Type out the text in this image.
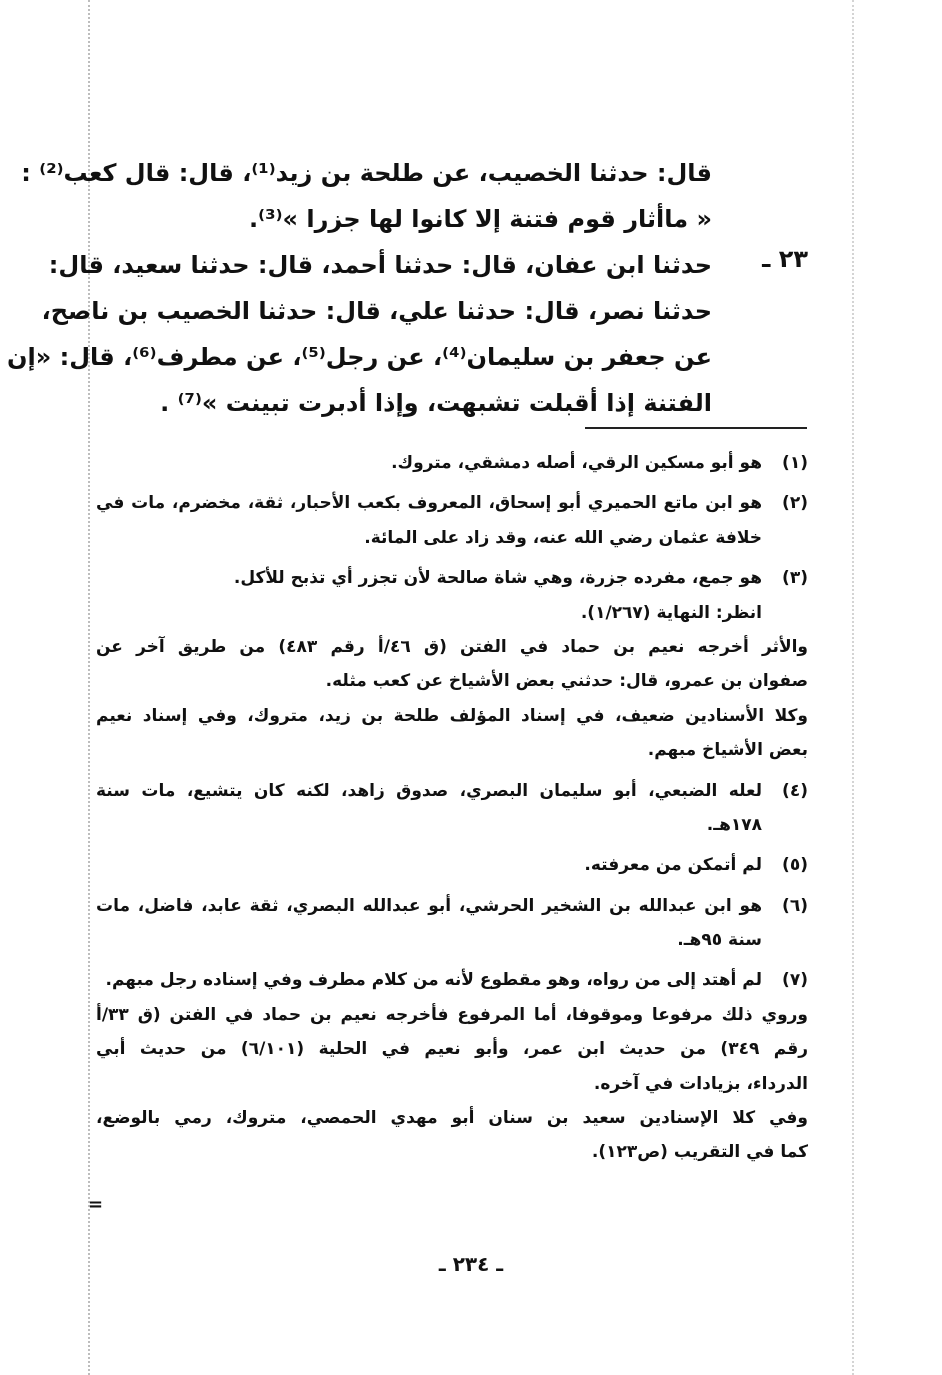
قال: حدثنا الخصيب، عن طلحة بن زيد⁽¹⁾، قال: قال كعب⁽²⁾ :
« ماأثار قوم فتنة إلا كانوا لها جزرا »⁽³⁾.
حدثنا ابن عفان، قال: حدثنا أحمد، قال: حدثنا سعيد، قال:
حدثنا نصر، قال: حدثنا علي، قال: حدثنا الخصيب بن ناصح،
عن جعفر بن سليمان⁽⁴⁾، عن رجل⁽⁵⁾، عن مطرف⁽⁶⁾، قال: «إن
الفتنة إذا أقبلت تشبهت، وإذا أدبرت تبينت »⁽⁷⁾ .
٢٣ ـ
(١)
هو أبو مسكين الرقي، أصله دمشقي، متروك.
(٢)
هو ابن ماتع الحميري أبو إسحاق، المعروف بكعب الأحبار، ثقة، مخضرم، مات في
خلافة عثمان رضي الله عنه، وقد زاد على المائة.
(٣)
هو جمع، مفرده جزرة، وهي شاة صالحة لأن تجزر أي تذبح للأكل.
انظر: النهاية (١/٢٦٧).
والأثر أخرجه نعيم بن حماد في الفتن (ق ٤٦/أ رقم ٤٨٣) من طريق آخر عن
صفوان بن عمرو، قال: حدثني بعض الأشياخ عن كعب مثله.
وكلا الأسنادين ضعيف، في إسناد المؤلف طلحة بن زيد، متروك، وفي إسناد نعيم
بعض الأشياخ مبهم.
(٤)
لعله الضبعي، أبو سليمان البصري، صدوق زاهد، لكنه كان يتشيع، مات سنة
١٧٨هـ.
(٥)
لم أتمكن من معرفته.
(٦)
هو ابن عبدالله بن الشخير الحرشي، أبو عبدالله البصري، ثقة عابد، فاضل، مات
سنة ٩٥هـ.
(٧)
لم أهتد إلى من رواه، وهو مقطوع لأنه من كلام مطرف وفي إسناده رجل مبهم.
وروي ذلك مرفوعا وموقوفا، أما المرفوع فأخرجه نعيم بن حماد في الفتن (ق ٣٣/أ
رقم ٣٤٩) من حديث ابن عمر، وأبو نعيم في الحلية (٦/١٠١) من حديث أبي
الدرداء، بزيادات في آخره.
وفي كلا الإسنادين سعيد بن سنان أبو مهدي الحمصي، متروك، رمي بالوضع،
كما في التقريب (ص١٢٣).
=
ـ ٢٣٤ ـ
